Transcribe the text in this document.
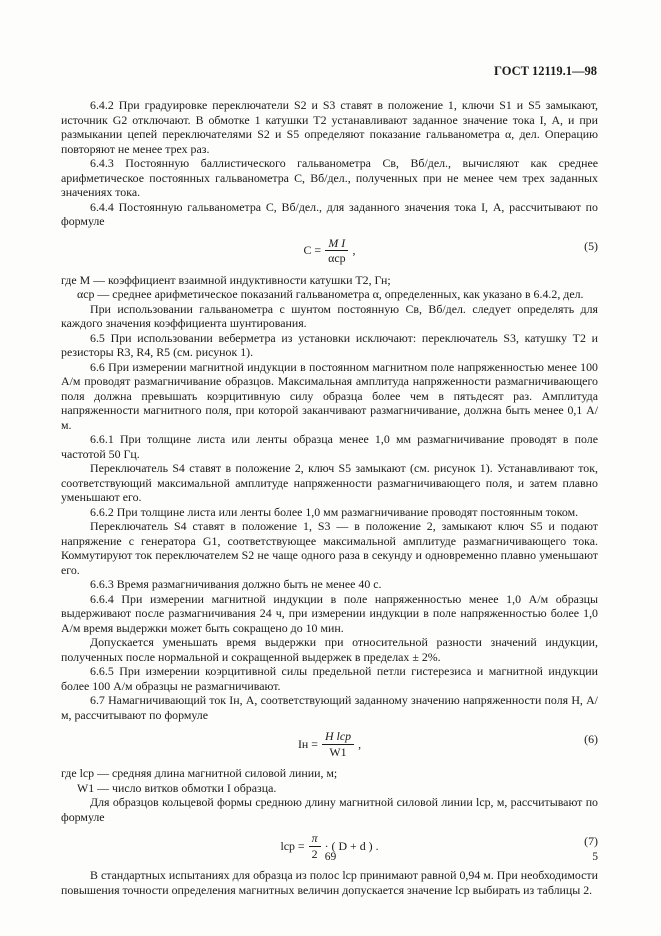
ГОСТ 12119.1—98

6.4.2 При градуировке переключатели S2 и S3 ставят в положение 1, ключи S1 и S5 замыкают, источник G2 отключают. В обмотке 1 катушки T2 устанавливают заданное значение тока I, А, и при размыкании цепей переключателями S2 и S5 определяют показание гальванометра α, дел. Операцию повторяют не менее трех раз.

6.4.3 Постоянную баллистического гальванометра Cв, Вб/дел., вычисляют как среднее арифметическое постоянных гальванометра C, Вб/дел., полученных при не менее чем трех заданных значениях тока.

6.4.4 Постоянную гальванометра C, Вб/дел., для заданного значения тока I, А, рассчитывают по формуле

$C = \frac{\text{M I}}{\text{αср}}$ ,	(5)

где M — коэффициент взаимной индуктивности катушки T2, Гн;

αср — среднее арифметическое показаний гальванометра α, определенных, как указано в 6.4.2, дел.

При использовании гальванометра с шунтом постоянную Cв, Вб/дел. следует определять для каждого значения коэффициента шунтирования.

6.5 При использовании веберметра из установки исключают: переключатель S3, катушку T2 и резисторы R3, R4, R5 (см. рисунок 1).

6.6 При измерении магнитной индукции в постоянном магнитном поле напряженностью менее 100 А/м проводят размагничивание образцов. Максимальная амплитуда напряженности размагничивающего поля должна превышать коэрцитивную силу образца более чем в пятьдесят раз. Амплитуда напряженности магнитного поля, при которой заканчивают размагничивание, должна быть менее 0,1 А/м.

6.6.1 При толщине листа или ленты образца менее 1,0 мм размагничивание проводят в поле частотой 50 Гц.

Переключатель S4 ставят в положение 2, ключ S5 замыкают (см. рисунок 1). Устанавливают ток, соответствующий максимальной амплитуде напряженности размагничивающего поля, и затем плавно уменьшают его.

6.6.2 При толщине листа или ленты более 1,0 мм размагничивание проводят постоянным током.

Переключатель S4 ставят в положение 1, S3 — в положение 2, замыкают ключ S5 и подают напряжение с генератора G1, соответствующее максимальной амплитуде размагничивающего тока. Коммутируют ток переключателем S2 не чаще одного раза в секунду и одновременно плавно уменьшают его.

6.6.3 Время размагничивания должно быть не менее 40 с.

6.6.4 При измерении магнитной индукции в поле напряженностью менее 1,0 А/м образцы выдерживают после размагничивания 24 ч, при измерении индукции в поле напряженностью более 1,0 А/м время выдержки может быть сокращено до 10 мин.

Допускается уменьшать время выдержки при относительной разности значений индукции, полученных после нормальной и сокращенной выдержек в пределах ± 2%.

6.6.5 При измерении коэрцитивной силы предельной петли гистерезиса и магнитной индукции более 100 А/м образцы не размагничивают.

6.7 Намагничивающий ток Iн, А, соответствующий заданному значению напряженности поля H, А/м, рассчитывают по формуле

Iн = $\frac{\text{H lср}}{W1}$ ,	(6)

где lср — средняя длина магнитной силовой линии, м;

W1 — число витков обмотки I образца.

Для образцов кольцевой формы среднюю длину магнитной силовой линии lср, м, рассчитывают по формуле

lср = $\frac{\pi}{2}$ · ( D + d ) .	(7)

В стандартных испытаниях для образца из полос lср принимают равной 0,94 м. При необходимости повышения точности определения магнитных величин допускается значение lср выбирать из таблицы 2.

69	5
